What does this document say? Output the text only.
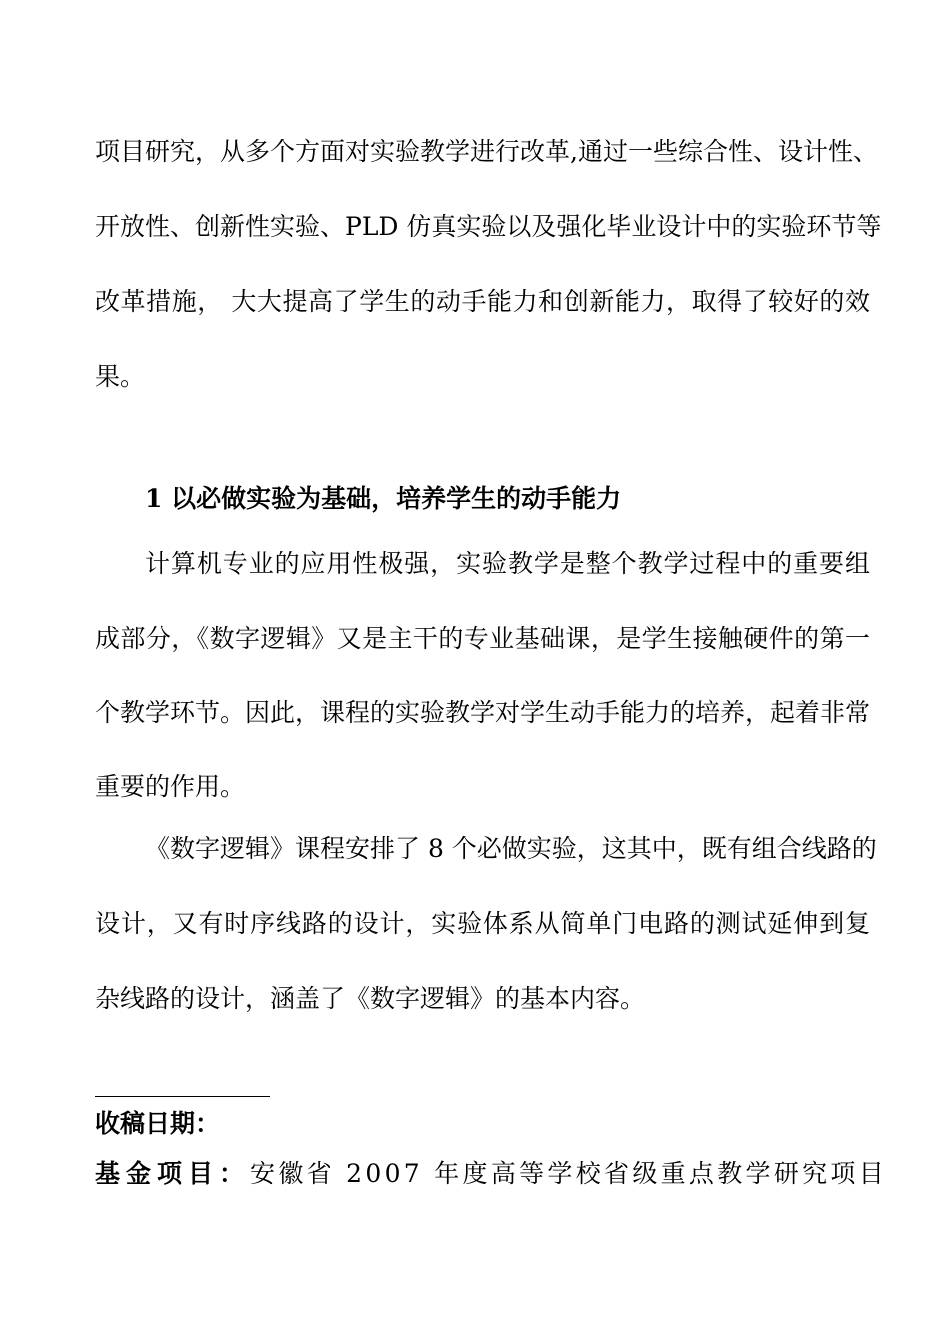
项目研究，从多个方面对实验教学进行改革,通过一些综合性、设计性、

开放性、创新性实验、PLD 仿真实验以及强化毕业设计中的实验环节等

改革措施， 大大提高了学生的动手能力和创新能力，取得了较好的效

果。

1 以必做实验为基础，培养学生的动手能力

计算机专业的应用性极强，实验教学是整个教学过程中的重要组

成部分，《数字逻辑》又是主干的专业基础课，是学生接触硬件的第一

个教学环节。因此，课程的实验教学对学生动手能力的培养，起着非常

重要的作用。

《数字逻辑》课程安排了 8 个必做实验，这其中，既有组合线路的

设计，又有时序线路的设计，实验体系从简单门电路的测试延伸到复

杂线路的设计，涵盖了《数字逻辑》的基本内容。

收稿日期：

基金项目： 安徽省 2007 年度高等学校省级重点教学研究项目
